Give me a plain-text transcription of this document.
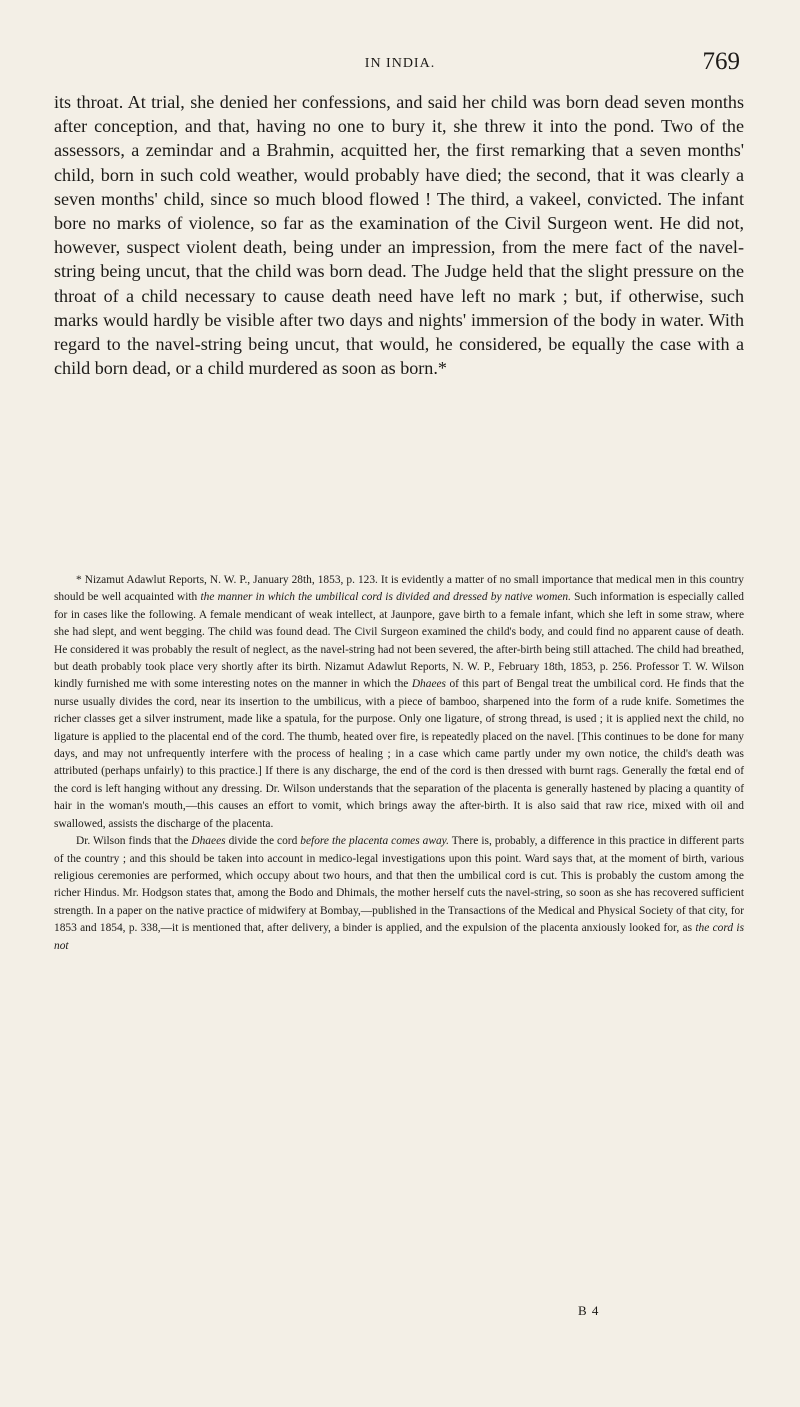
IN INDIA.	769

its throat. At trial, she denied her confessions, and said her child was born dead seven months after conception, and that, having no one to bury it, she threw it into the pond. Two of the assessors, a zemindar and a Brahmin, acquitted her, the first remarking that a seven months' child, born in such cold weather, would probably have died; the second, that it was clearly a seven months' child, since so much blood flowed ! The third, a vakeel, convicted. The infant bore no marks of violence, so far as the examination of the Civil Surgeon went. He did not, however, suspect violent death, being under an impression, from the mere fact of the navel-string being uncut, that the child was born dead. The Judge held that the slight pressure on the throat of a child necessary to cause death need have left no mark ; but, if otherwise, such marks would hardly be visible after two days and nights' immersion of the body in water. With regard to the navel-string being uncut, that would, he considered, be equally the case with a child born dead, or a child murdered as soon as born.*

* Nizamut Adawlut Reports, N. W. P., January 28th, 1853, p. 123. It is evidently a matter of no small importance that medical men in this country should be well acquainted with the manner in which the umbilical cord is divided and dressed by native women. Such information is especially called for in cases like the following. A female mendicant of weak intellect, at Jaunpore, gave birth to a female infant, which she left in some straw, where she had slept, and went begging. The child was found dead. The Civil Surgeon examined the child's body, and could find no apparent cause of death. He considered it was probably the result of neglect, as the navel-string had not been severed, the after-birth being still attached. The child had breathed, but death probably took place very shortly after its birth. Nizamut Adawlut Reports, N. W. P., February 18th, 1853, p. 256. Professor T. W. Wilson kindly furnished me with some interesting notes on the manner in which the Dhaees of this part of Bengal treat the umbilical cord. He finds that the nurse usually divides the cord, near its insertion to the umbilicus, with a piece of bamboo, sharpened into the form of a rude knife. Sometimes the richer classes get a silver instrument, made like a spatula, for the purpose. Only one ligature, of strong thread, is used ; it is applied next the child, no ligature is applied to the placental end of the cord. The thumb, heated over fire, is repeatedly placed on the navel. [This continues to be done for many days, and may not unfrequently interfere with the process of healing ; in a case which came partly under my own notice, the child's death was attributed (perhaps unfairly) to this practice.] If there is any discharge, the end of the cord is then dressed with burnt rags. Generally the fœtal end of the cord is left hanging without any dressing. Dr. Wilson understands that the separation of the placenta is generally hastened by placing a quantity of hair in the woman's mouth,—this causes an effort to vomit, which brings away the after-birth. It is also said that raw rice, mixed with oil and swallowed, assists the discharge of the placenta.

Dr. Wilson finds that the Dhaees divide the cord before the placenta comes away. There is, probably, a difference in this practice in different parts of the country ; and this should be taken into account in medico-legal investigations upon this point. Ward says that, at the moment of birth, various religious ceremonies are performed, which occupy about two hours, and that then the umbilical cord is cut. This is probably the custom among the richer Hindus. Mr. Hodgson states that, among the Bodo and Dhimals, the mother herself cuts the navel-string, so soon as she has recovered sufficient strength. In a paper on the native practice of midwifery at Bombay,—published in the Transactions of the Medical and Physical Society of that city, for 1853 and 1854, p. 338,—it is mentioned that, after delivery, a binder is applied, and the expulsion of the placenta anxiously looked for, as the cord is not

B 4
